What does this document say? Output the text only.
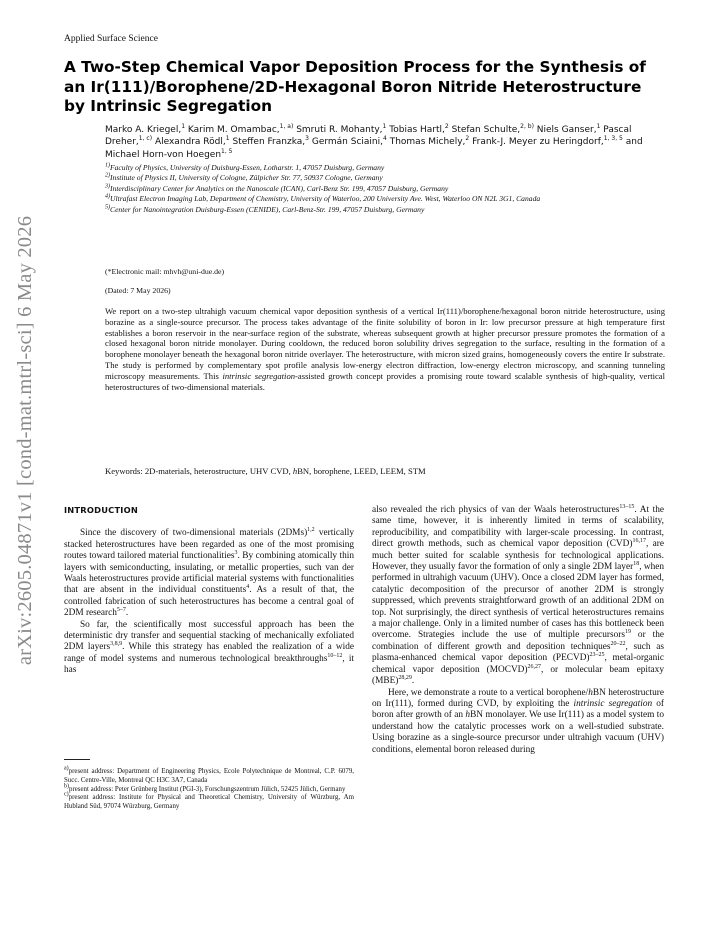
arXiv:2605.04871v1 [cond-mat.mtrl-sci] 6 May 2026
Applied Surface Science
A Two-Step Chemical Vapor Deposition Process for the Synthesis of an Ir(111)/Borophene/2D-Hexagonal Boron Nitride Heterostructure by Intrinsic Segregation
Marko A. Kriegel,$^1$ Karim M. Omambac,$^{1, a)}$ Smruti R. Mohanty,$^1$ Tobias Hartl,$^2$ Stefan Schulte,$^{2, b)}$ Niels Ganser,$^1$ Pascal Dreher,$^{1, c)}$ Alexandra Rödl,$^1$ Steffen Franzka,$^3$ Germán Sciaini,$^4$ Thomas Michely,$^2$ Frank-J. Meyer zu Heringdorf,$^{1, 3, 5}$ and Michael Horn-von Hoegen$^{1, 5}$
$^{1)}$Faculty of Physics, University of Duisburg-Essen, Lotharstr. 1, 47057 Duisburg, Germany
$^{2)}$Institute of Physics II, University of Cologne, Zülpicher Str. 77, 50937 Cologne, Germany
$^{3)}$Interdisciplinary Center for Analytics on the Nanoscale (ICAN), Carl-Benz Str. 199, 47057 Duisburg, Germany
$^{4)}$Ultrafast Electron Imaging Lab, Department of Chemistry, University of Waterloo, 200 University Ave. West, Waterloo ON N2L 3G1, Canada
$^{5)}$Center for Nanointegration Duisburg-Essen (CENIDE), Carl-Benz-Str. 199, 47057 Duisburg, Germany
(*Electronic mail: mhvh@uni-due.de)
(Dated: 7 May 2026)

We report on a two-step ultrahigh vacuum chemical vapor deposition synthesis of a vertical Ir(111)/borophene/hexagonal boron nitride heterostructure, using borazine as a single-source precursor. The process takes advantage of the finite solubility of boron in Ir: low precursor pressure at high temperature first establishes a boron reservoir in the near-surface region of the substrate, whereas subsequent growth at higher precursor pressure promotes the formation of a closed hexagonal boron nitride monolayer. During cooldown, the reduced boron solubility drives segregation to the surface, resulting in the formation of a borophene monolayer beneath the hexagonal boron nitride overlayer. The heterostructure, with micron sized grains, homogeneously covers the entire Ir substrate. The study is performed by complementary spot profile analysis low-energy electron diffraction, low-energy electron microscopy, and scanning tunneling microscopy measurements. This intrinsic segregation-assisted growth concept provides a promising route toward scalable synthesis of high-quality, vertical heterostructures of two-dimensional materials.

Keywords: 2D-materials, heterostructure, UHV CVD, hBN, borophene, LEED, LEEM, STM
INTRODUCTION

Since the discovery of two-dimensional materials $(2DMs)^{1,2}$ vertically stacked heterostructures have been regarded as one of the most promising routes toward tailored material functionalities$^3$. By combining atomically thin layers with semiconducting, insulating, or metallic properties, such van der Waals heterostructures provide artificial material systems with functionalities that are absent in the individual constituents$^4$. As a result of that, the controlled fabrication of such heterostructures has become a central goal of 2DM research$^{5-7}$.

So far, the scientifically most successful approach has been the deterministic dry transfer and sequential stacking of mechanically exfoliated 2DM layers$^{3,8,9}$. While this strategy has enabled the realization of a wide range of model systems and numerous technological breakthroughs$^{10-12}$, it has

also revealed the rich physics of van der Waals heterostructures$^{13-15}$. At the same time, however, it is inherently limited in terms of scalability, reproducibility, and compatibility with larger-scale processing. In contrast, direct growth methods, such as chemical vapor deposition (CVD)$^{16,17}$, are much better suited for scalable synthesis for technological applications. However, they usually favor the formation of only a single 2DM layer$^{18}$, when performed in ultrahigh vacuum (UHV). Once a closed 2DM layer has formed, catalytic decomposition of the precursor of another 2DM is strongly suppressed, which prevents straightforward growth of an additional 2DM on top. Not surprisingly, the direct synthesis of vertical heterostructures remains a major challenge. Only in a limited number of cases has this bottleneck been overcome. Strategies include the use of multiple precursors$^{19}$ or the combination of different growth and deposition techniques$^{20-22}$, such as plasma-enhanced chemical vapor deposition (PECVD)$^{23-25}$, metal-organic chemical vapor deposition (MOCVD)$^{26,27}$, or molecular beam epitaxy (MBE)$^{28,29}$.

Here, we demonstrate a route to a vertical borophene/hBN heterostructure on Ir(111), formed during CVD, by exploiting the intrinsic segregation of boron after growth of an hBN monolayer. We use Ir(111) as a model system to understand how the catalytic processes work on a well-studied substrate. Using borazine as a single-source precursor under ultrahigh vacuum (UHV) conditions, elemental boron released during

a)present address: Department of Engineering Physics, Ecole Polytechnique de Montreal, C.P. 6079, Succ. Centre-Ville, Montreal QC H3C 3A7, Canada
b)present address: Peter Grünberg Institut (PGI-3), Forschungszentrum Jülich, 52425 Jülich, Germany
c)present address: Institute for Physical and Theoretical Chemistry, University of Würzburg, Am Hubland Süd, 97074 Würzburg, Germany
